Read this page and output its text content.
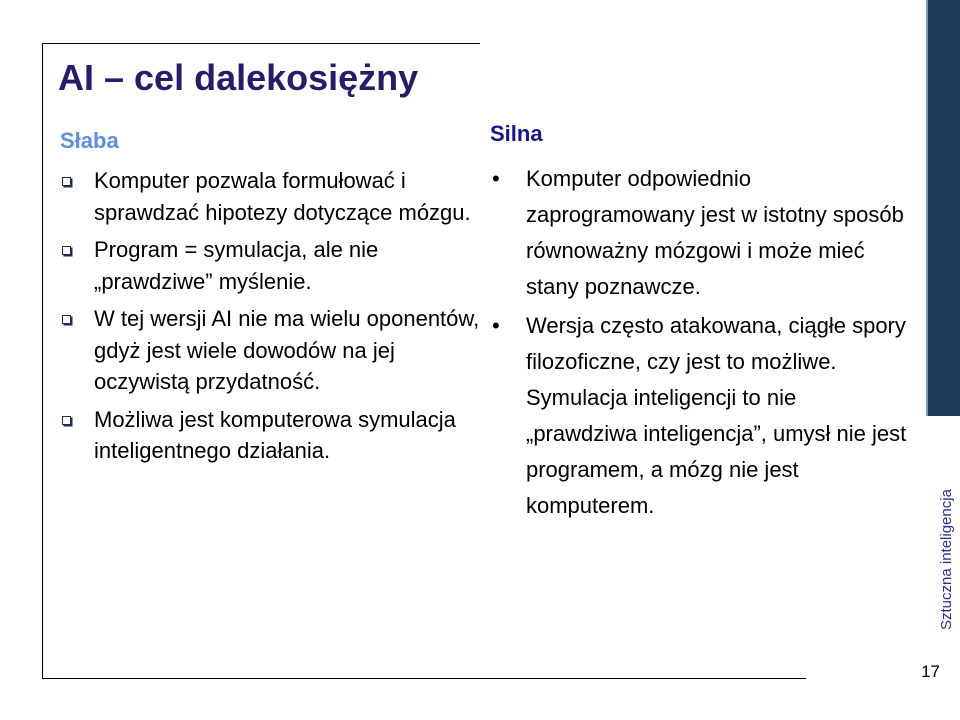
Sztuczna inteligencja
17
AI – cel dalekosiężny
Słaba
Komputer pozwala formułować i sprawdzać hipotezy dotyczące mózgu.
Program = symulacja, ale nie „prawdziwe” myślenie.
W tej wersji AI nie ma wielu oponentów, gdyż jest wiele dowodów na jej oczywistą przydatność.
Możliwa jest komputerowa symulacja inteligentnego działania.
Silna
• Komputer odpowiednio zaprogramowany jest w istotny sposób równoważny mózgowi i może mieć stany poznawcze.
• Wersja często atakowana, ciągłe spory filozoficzne, czy jest to możliwe. Symulacja inteligencji to nie „prawdziwa inteligencja”, umysł nie jest programem, a mózg nie jest komputerem.
